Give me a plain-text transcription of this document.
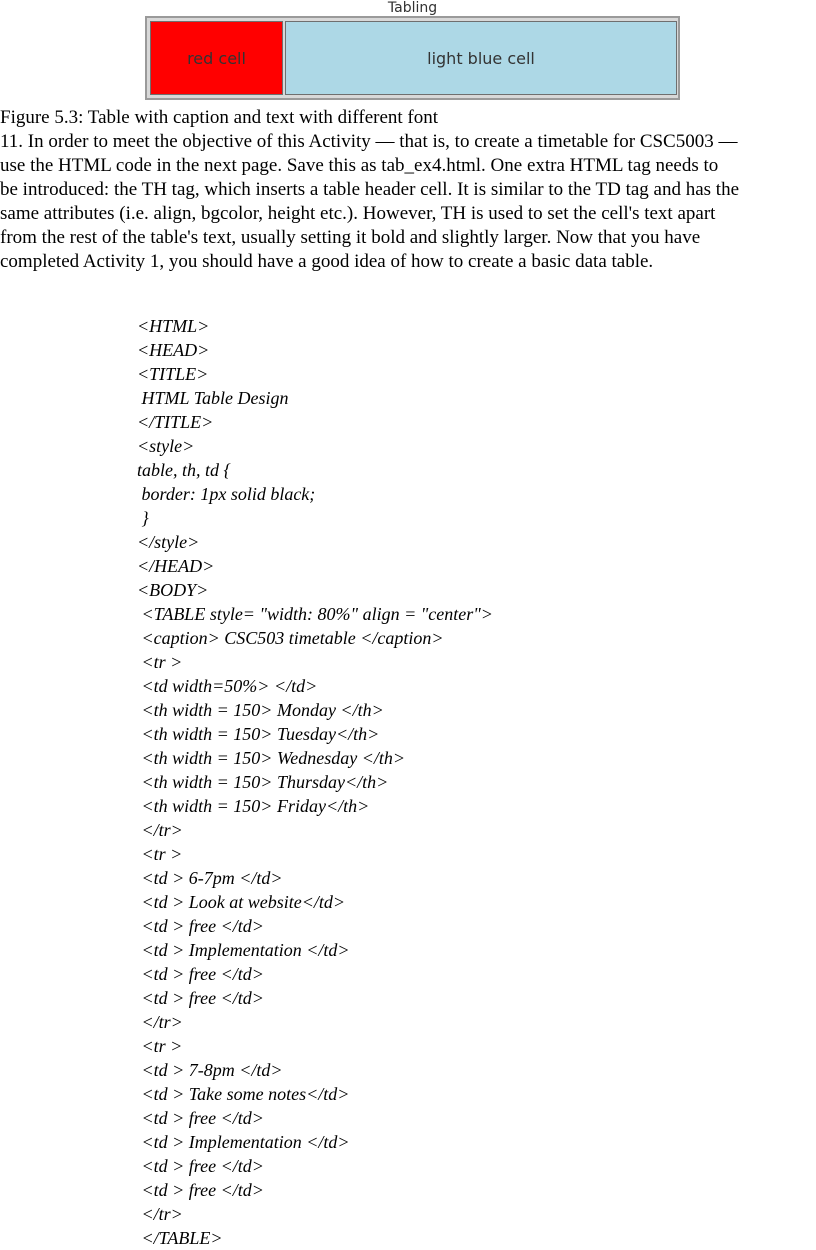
Tabling
red cell	light blue cell
Figure 5.3: Table with caption and text with different font
11. In order to meet the objective of this Activity — that is, to create a timetable for CSC5003 —
use the HTML code in the next page. Save this as tab_ex4.html. One extra HTML tag needs to
be introduced: the TH tag, which inserts a table header cell. It is similar to the TD tag and has the
same attributes (i.e. align, bgcolor, height etc.). However, TH is used to set the cell's text apart
from the rest of the table's text, usually setting it bold and slightly larger. Now that you have
completed Activity 1, you should have a good idea of how to create a basic data table.
<HTML>
<HEAD>
<TITLE>
HTML Table Design
</TITLE>
<style>
table, th, td {
border: 1px solid black;
}
</style>
</HEAD>
<BODY>
<TABLE style= "width: 80%" align = "center">
<caption> CSC503 timetable </caption>
<tr >
<td width=50%> </td>
<th width = 150> Monday </th>
<th width = 150> Tuesday</th>
<th width = 150> Wednesday </th>
<th width = 150> Thursday</th>
<th width = 150> Friday</th>
</tr>
<tr >
<td > 6-7pm </td>
<td > Look at website</td>
<td > free </td>
<td > Implementation </td>
<td > free </td>
<td > free </td>
</tr>
<tr >
<td > 7-8pm </td>
<td > Take some notes</td>
<td > free </td>
<td > Implementation </td>
<td > free </td>
<td > free </td>
</tr>
</TABLE>
